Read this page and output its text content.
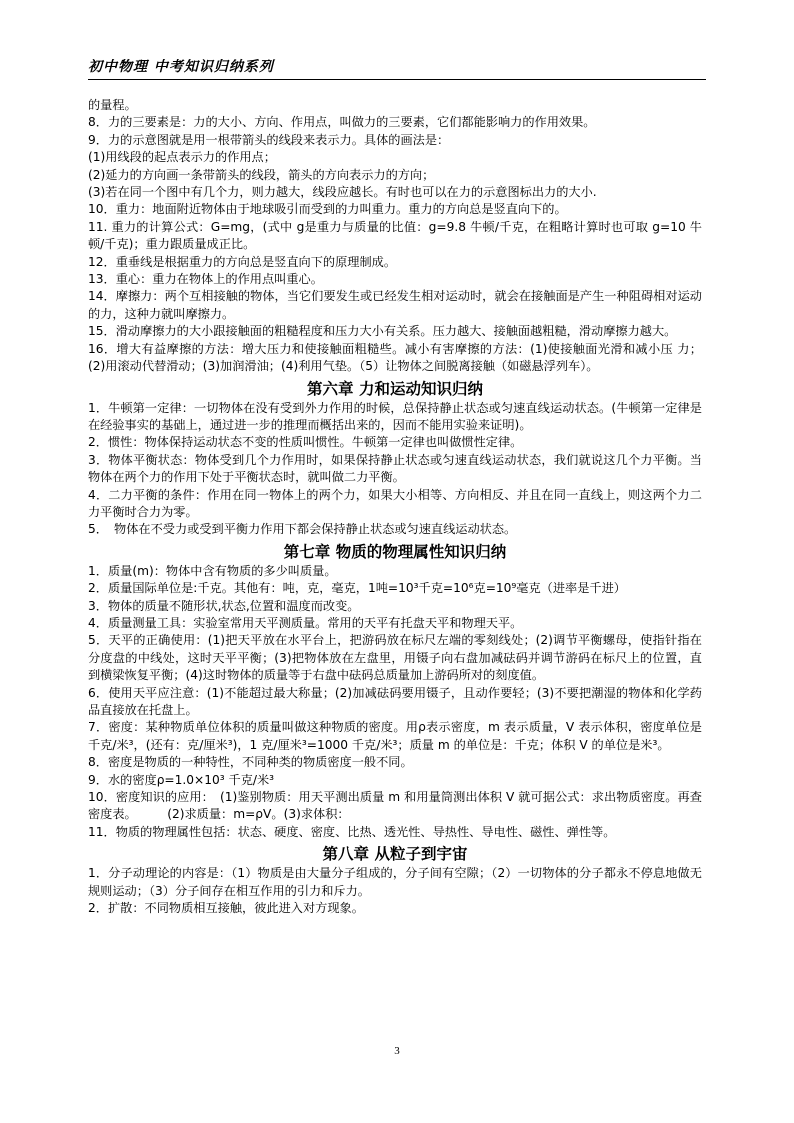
初中物理 中考知识归纳系列

的量程。

8．力的三要素是：力的大小、方向、作用点，叫做力的三要素，它们都能影响力的作用效果。

9．力的示意图就是用一根带箭头的线段来表示力。具体的画法是：

(1)用线段的起点表示力的作用点；

(2)延力的方向画一条带箭头的线段，箭头的方向表示力的方向；

(3)若在同一个图中有几个力，则力越大，线段应越长。有时也可以在力的示意图标出力的大小.

10．重力：地面附近物体由于地球吸引而受到的力叫重力。重力的方向总是竖直向下的。

11. 重力的计算公式：G=mg，(式中 g是重力与质量的比值：g=9.8 牛顿/千克，在粗略计算时也可取 g=10 牛顿/千克)；重力跟质量成正比。

12．重垂线是根据重力的方向总是竖直向下的原理制成。

13．重心：重力在物体上的作用点叫重心。

14．摩擦力：两个互相接触的物体，当它们要发生或已经发生相对运动时，就会在接触面是产生一种阻碍相对运动的力，这种力就叫摩擦力。

15．滑动摩擦力的大小跟接触面的粗糙程度和压力大小有关系。压力越大、接触面越粗糙，滑动摩擦力越大。

16．增大有益摩擦的方法：增大压力和使接触面粗糙些。减小有害摩擦的方法：(1)使接触面光滑和减小压 力；(2)用滚动代替滑动；(3)加润滑油；(4)利用气垫。（5）让物体之间脱离接触（如磁悬浮列车）。

第六章 力和运动知识归纳

1．牛顿第一定律：一切物体在没有受到外力作用的时候，总保持静止状态或匀速直线运动状态。(牛顿第一定律是在经验事实的基础上，通过进一步的推理而概括出来的，因而不能用实验来证明)。

2．惯性：物体保持运动状态不变的性质叫惯性。牛顿第一定律也叫做惯性定律。

3．物体平衡状态：物体受到几个力作用时，如果保持静止状态或匀速直线运动状态，我们就说这几个力平衡。当物体在两个力的作用下处于平衡状态时，就叫做二力平衡。

4．二力平衡的条件：作用在同一物体上的两个力，如果大小相等、方向相反、并且在同一直线上，则这两个力二力平衡时合力为零。

5．　物体在不受力或受到平衡力作用下都会保持静止状态或匀速直线运动状态。

第七章 物质的物理属性知识归纳

1．质量(m)：物体中含有物质的多少叫质量。

2．质量国际单位是:千克。其他有：吨，克，毫克，1吨=10³千克=10⁶克=10⁹毫克（进率是千进）

3．物体的质量不随形状,状态,位置和温度而改变。

4．质量测量工具：实验室常用天平测质量。常用的天平有托盘天平和物理天平。

5．天平的正确使用：(1)把天平放在水平台上，把游码放在标尺左端的零刻线处；(2)调节平衡螺母，使指针指在分度盘的中线处，这时天平平衡；(3)把物体放在左盘里，用镊子向右盘加减砝码并调节游码在标尺上的位置，直到横梁恢复平衡；(4)这时物体的质量等于右盘中砝码总质量加上游码所对的刻度值。

6．使用天平应注意：(1)不能超过最大称量；(2)加减砝码要用镊子，且动作要轻；(3)不要把潮湿的物体和化学药品直接放在托盘上。

7．密度：某种物质单位体积的质量叫做这种物质的密度。用ρ表示密度，m 表示质量，V 表示体积，密度单位是千克/米³，(还有：克/厘米³)，1 克/厘米³=1000 千克/米³；质量 m 的单位是：千克；体积 V 的单位是米³。

8．密度是物质的一种特性，不同种类的物质密度一般不同。

9．水的密度ρ=1.0×10³ 千克/米³

10．密度知识的应用：　(1)鉴别物质：用天平测出质量 m 和用量筒测出体积 V 就可据公式：求出物质密度。再查密度表。　　　(2)求质量：m=ρV。(3)求体积：

11．物质的物理属性包括：状态、硬度、密度、比热、透光性、导热性、导电性、磁性、弹性等。

第八章 从粒子到宇宙

1．分子动理论的内容是：（1）物质是由大量分子组成的，分子间有空隙；（2）一切物体的分子都永不停息地做无规则运动；（3）分子间存在相互作用的引力和斥力。

2．扩散：不同物质相互接触，彼此进入对方现象。

3
